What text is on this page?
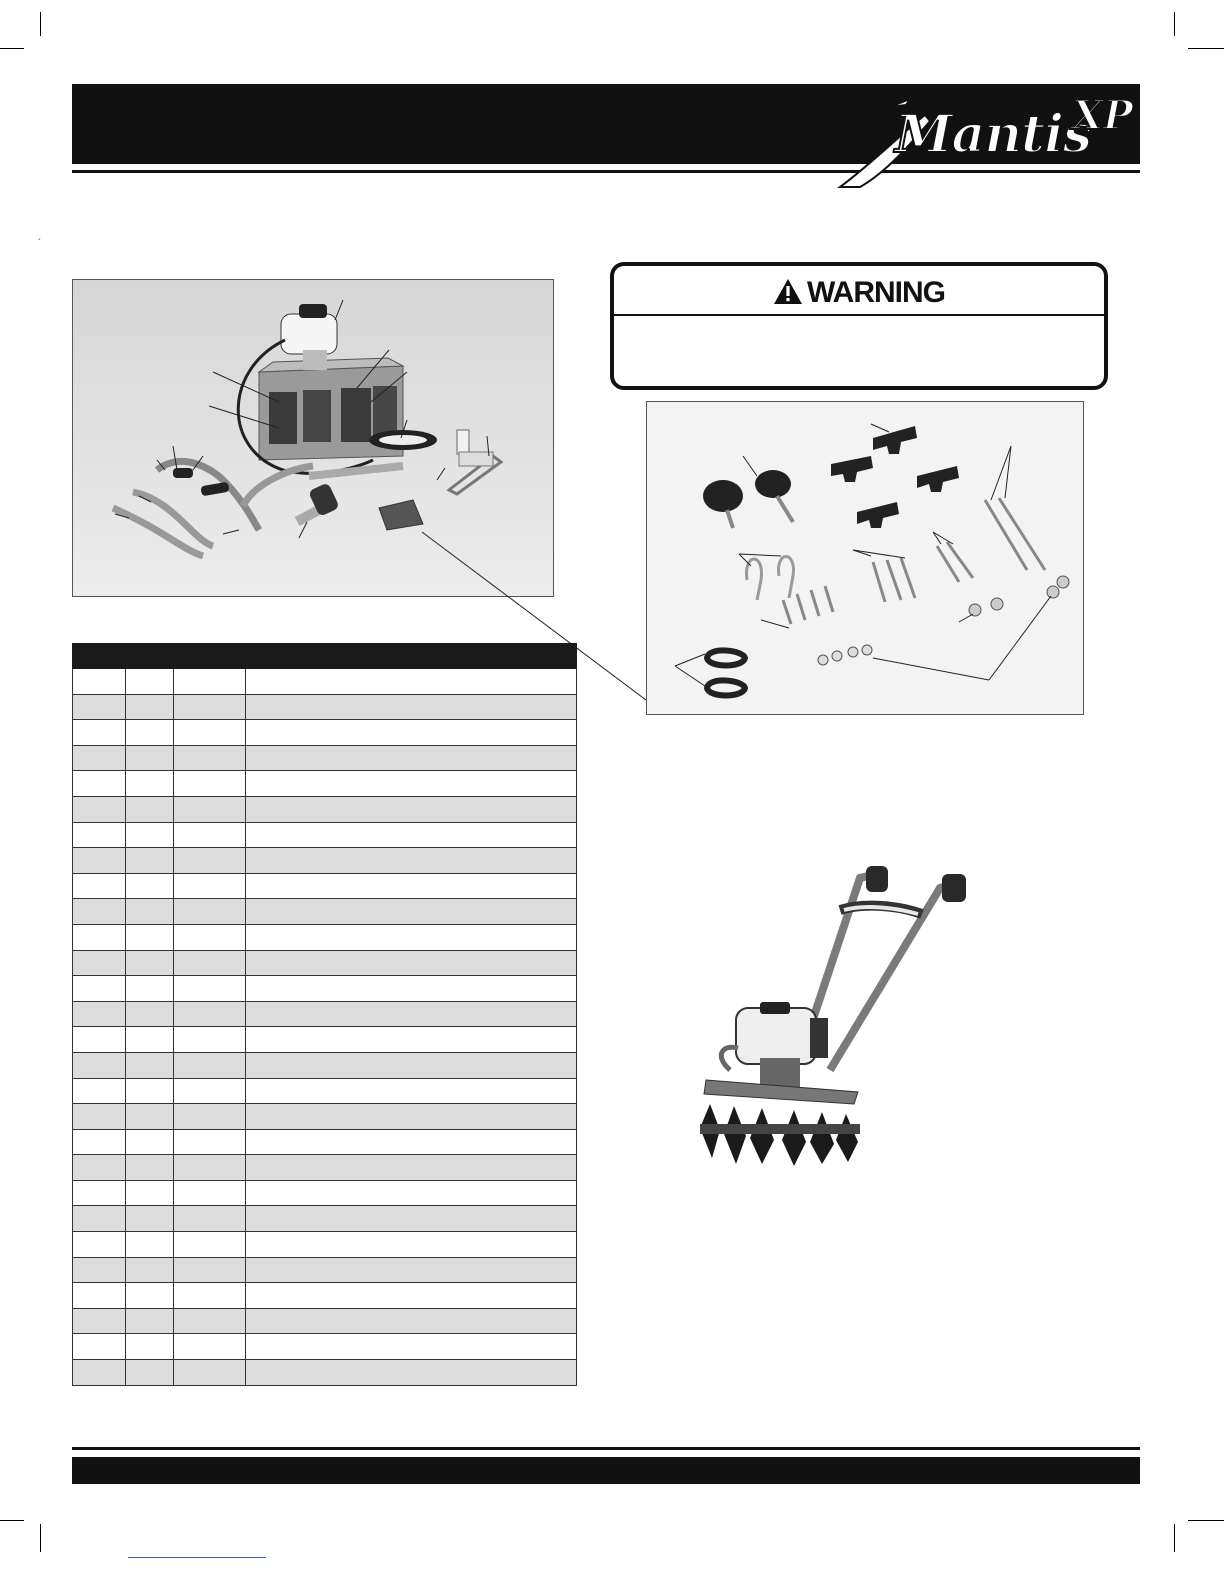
Mantis
XP
´
WARNING
